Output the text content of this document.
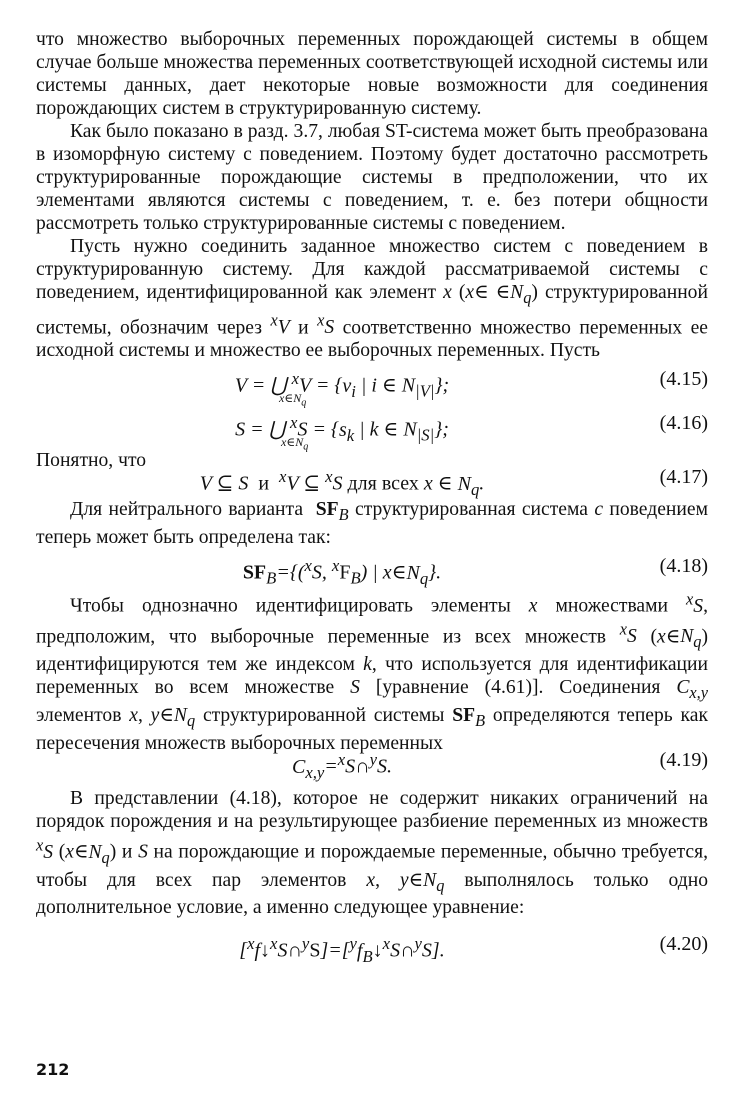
что множество выборочных переменных порождающей системы в общем случае больше множества переменных соответствующей исходной системы или системы данных, дает некоторые новые возможности для соединения порождающих систем в структурированную систему.

Как было показано в разд. 3.7, любая ST-система может быть преобразована в изоморфную систему с поведением. Поэтому будет достаточно рассмотреть структурированные порождающие системы в предположении, что их элементами являются системы с поведением, т. е. без потери общности рассмотреть только структурированные системы с поведением.

Пусть нужно соединить заданное множество систем с поведением в структурированную систему. Для каждой рассматриваемой системы с поведением, идентифицированной как элемент x (x∈ $\in N_q$) структурированной системы, обозначим через $^x$V и $^x$S соответственно множество переменных ее исходной системы и множество ее выборочных переменных. Пусть

V = ⋃ $^xV = \{v_i$ | i ∈ $N_{|V|}$};
$x\in N_q$
(4.15)
S = ⋃ $^xS = \{s_k$ | k ∈ $N_{|S|}$};
$x\in N_q$
(4.16)
Понятно, что
V ⊆ S и $^x$V ⊆ $^x$S для всех x ∈ $N_q$.	(4.17)

Для нейтрального варианта  $SF_B$ структурированная система с поведением теперь может быть определена так:

$SF_B=\{(^xS$, $^xF_B$) | $x\in N_q$}.	(4.18)

Чтобы однозначно идентифицировать элементы x множествами $^x$S, предположим, что выборочные переменные из всех множеств $^x$S $(x\in N_q)$ идентифицируются тем же индексом k, что используется для идентификации переменных во всем множестве S [уравнение (4.61)]. Соединения $C_{x,y}$ элементов x, $y\in N_q$ структурированной системы $SF_B$ определяются теперь как пересечения множеств выборочных переменных

$C_{x,y}=^xS\cap^yS$.	(4.19)

В представлении (4.18), которое не содержит никаких ограничений на порядок порождения и на результирующее разбиение переменных из множеств $^x$S $(x\in N_q)$ и S на порождающие и порождаемые переменные, обычно требуется, чтобы для всех пар элементов x, $y\in N_q$ выполнялось только одно дополнительное условие, а именно следующее уравнение:

$[^xf↓^xS\cap^yS]=[^yf_B↓^xS\cap^yS]$.	(4.20)
212
